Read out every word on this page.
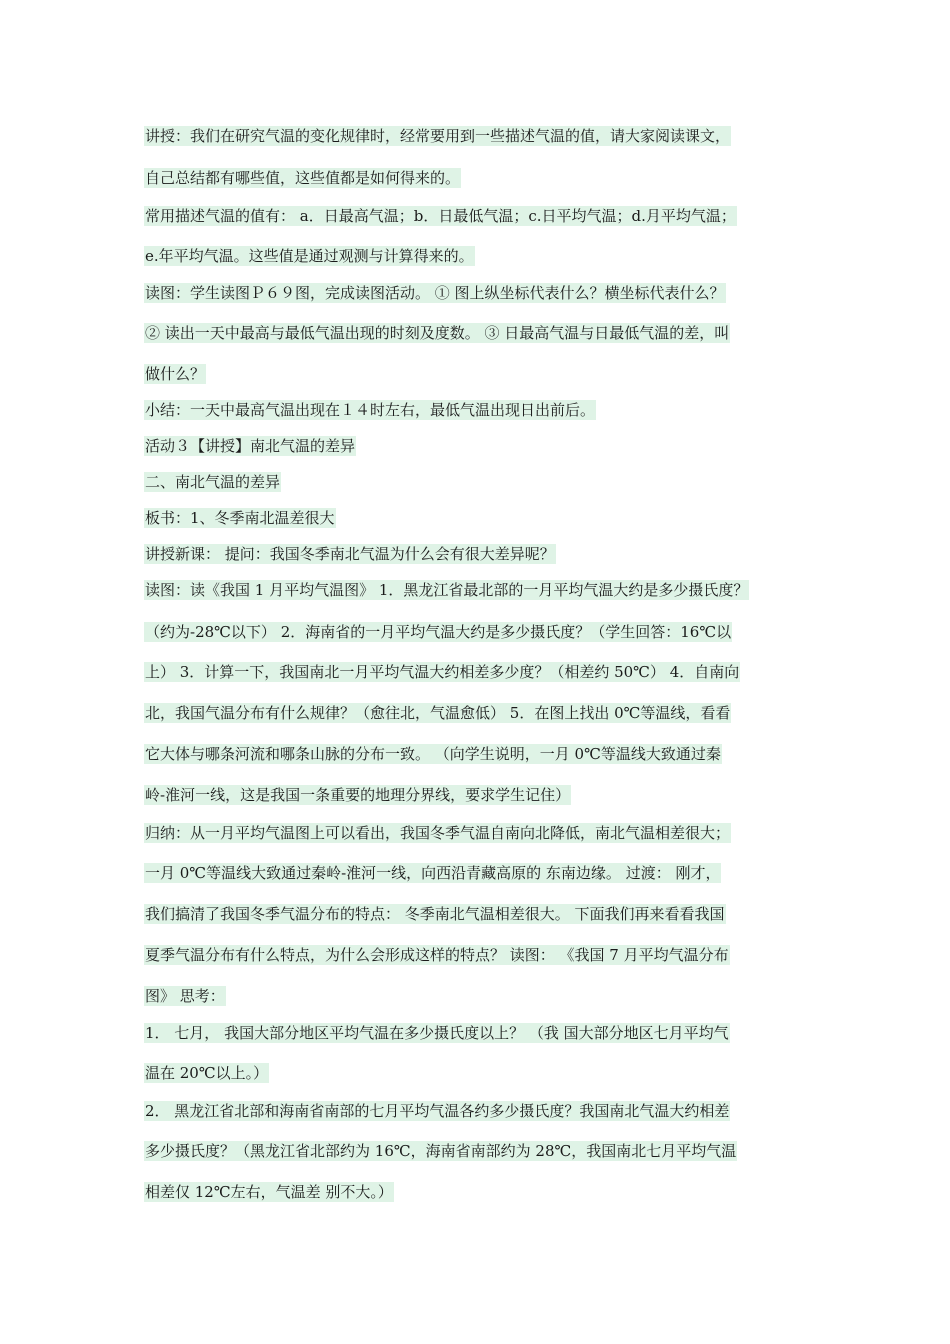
讲授：我们在研究气温的变化规律时，经常要用到一些描述气温的值，请大家阅读课文，
自己总结都有哪些值，这些值都是如何得来的。
常用描述气温的值有： a．日最高气温；b．日最低气温；c.日平均气温；d.月平均气温；
e.年平均气温。这些值是通过观测与计算得来的。
读图：学生读图Ｐ６９图，完成读图活动。 ① 图上纵坐标代表什么？横坐标代表什么？
② 读出一天中最高与最低气温出现的时刻及度数。 ③ 日最高气温与日最低气温的差，叫
做什么？
小结：一天中最高气温出现在１４时左右，最低气温出现日出前后。
活动３【讲授】南北气温的差异
二、南北气温的差异
板书：1、冬季南北温差很大
讲授新课： 提问：我国冬季南北气温为什么会有很大差异呢？
读图：读《我国 1 月平均气温图》 1．黑龙江省最北部的一月平均气温大约是多少摄氏度？
（约为-28℃以下） 2．海南省的一月平均气温大约是多少摄氏度？（学生回答：16℃以
上） 3．计算一下，我国南北一月平均气温大约相差多少度？（相差约 50℃） 4．自南向
北，我国气温分布有什么规律？（愈往北，气温愈低） 5．在图上找出 0℃等温线，看看
它大体与哪条河流和哪条山脉的分布一致。 （向学生说明，一月 0℃等温线大致通过秦
岭-淮河一线，这是我国一条重要的地理分界线，要求学生记住）
归纳：从一月平均气温图上可以看出，我国冬季气温自南向北降低，南北气温相差很大；
一月 0℃等温线大致通过秦岭-淮河一线，向西沿青藏高原的 东南边缘。 过渡： 刚才，
我们搞清了我国冬季气温分布的特点： 冬季南北气温相差很大。 下面我们再来看看我国
夏季气温分布有什么特点，为什么会形成这样的特点？ 读图： 《我国 7 月平均气温分布
图》 思考：
1． 七月， 我国大部分地区平均气温在多少摄氏度以上？ （我 国大部分地区七月平均气
温在 20℃以上。）
2． 黑龙江省北部和海南省南部的七月平均气温各约多少摄氏度？我国南北气温大约相差
多少摄氏度？（黑龙江省北部约为 16℃，海南省南部约为 28℃，我国南北七月平均气温
相差仅 12℃左右，气温差 别不大。）
